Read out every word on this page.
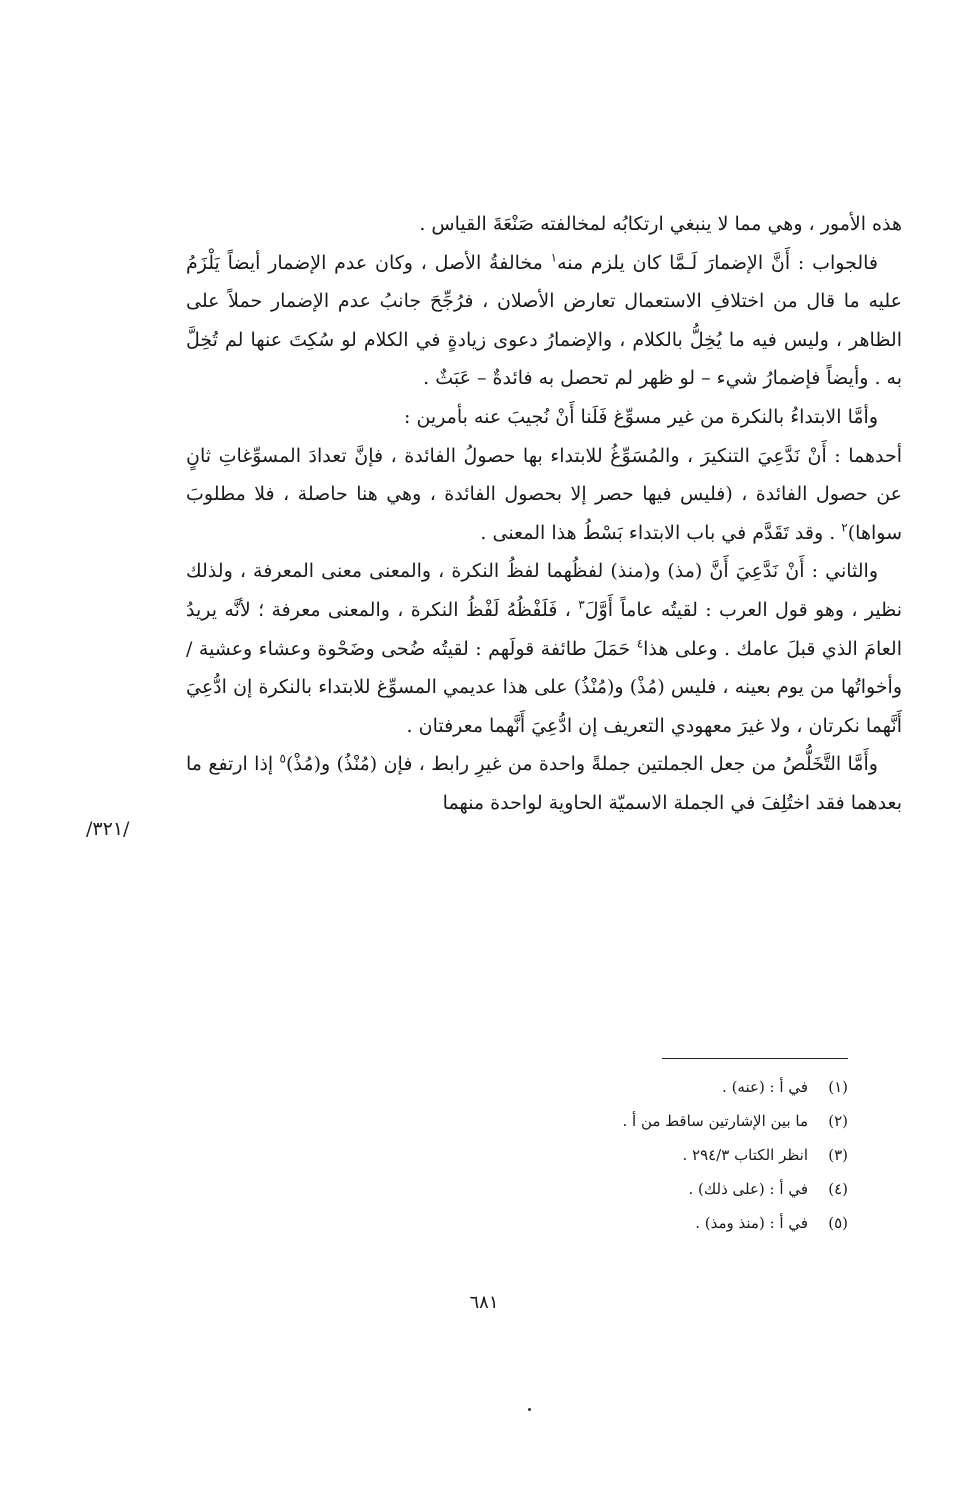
هذه الأمور ، وهي مما لا ينبغي ارتكابُه لمخالفته صَنْعَةَ القياس .

فالجواب : أَنَّ الإضمارَ لَـمَّا كان يلزم منه$^١$ مخالفةُ الأصل ، وكان عدم الإضمار أيضاً يَلْزَمُ عليه ما قال من اختلافِ الاستعمال تعارض الأصلان ، فرُجِّحَ جانبُ عدم الإضمار حملاً على الظاهر ، وليس فيه ما يُخِلُّ بالكلام ، والإضمارُ دعوى زيادةٍ في الكلام لو سُكِتَ عنها لم تُخِلَّ به . وأيضاً فإضمارُ شيء – لو ظهر لم تحصل به فائدةٌ – عَبَثٌ .

وأمَّا الابتداءُ بالنكرة من غير مسوِّغ فَلَنا أَنْ نُجيبَ عنه بأمرين :

أحدهما : أَنْ نَدَّعِيَ التنكيرَ ، والمُسَوِّغُ للابتداء بها حصولُ الفائدة ، فإنَّ تعدادَ المسوِّغاتِ ثانٍ عن حصول الفائدة ، (فليس فيها حصر إلا بحصول الفائدة ، وهي هنا حاصلة ، فلا مطلوبَ سواها)$^٢$ . وقد تَقَدَّم في باب الابتداء بَسْطُ هذا المعنى .

والثاني : أَنْ نَدَّعِيَ أَنَّ (مذ) و(منذ) لفظُهما لفظُ النكرة ، والمعنى معنى المعرفة ، ولذلك نظير ، وهو قول العرب : لقيتُه عاماً أَوَّلَ$^٣$ ، فَلَفْظُهُ لَفْظُ النكرة ، والمعنى معرفة ؛ لأنَّه يريدُ العامَ الذي قبلَ عامك . وعلى هذا$^٤$ حَمَلَ طائفة قولَهم : لقيتُه ضُحى وضَحْوة وعشاء وعشية / وأخواتُها من يوم بعينه ، فليس (مُذْ) و(مُنْذُ) على هذا عديمي المسوِّغ للابتداء بالنكرة إن ادُّعِيَ أَنَّهما نكرتان ، ولا غيرَ معهودي التعريف إن ادُّعِيَ أَنَّهما معرفتان .

وأَمَّا التَّخَلُّصُ من جعل الجملتين جملةً واحدة من غيرِ رابط ، فإن (مُنْذُ) و(مُذْ)$^٥$ إذا ارتفع ما بعدهما فقد اختُلِفَ في الجملة الاسميّة الحاوية لواحدة منهما

/٣٢١/
(١)في أ : (عنه) .
(٢)ما بين الإشارتين ساقط من أ .
(٣)انظر الكتاب ٢٩٤/٣ .
(٤)في أ : (على ذلك) .
(٥)في أ : (منذ ومذ) .
٦٨١
